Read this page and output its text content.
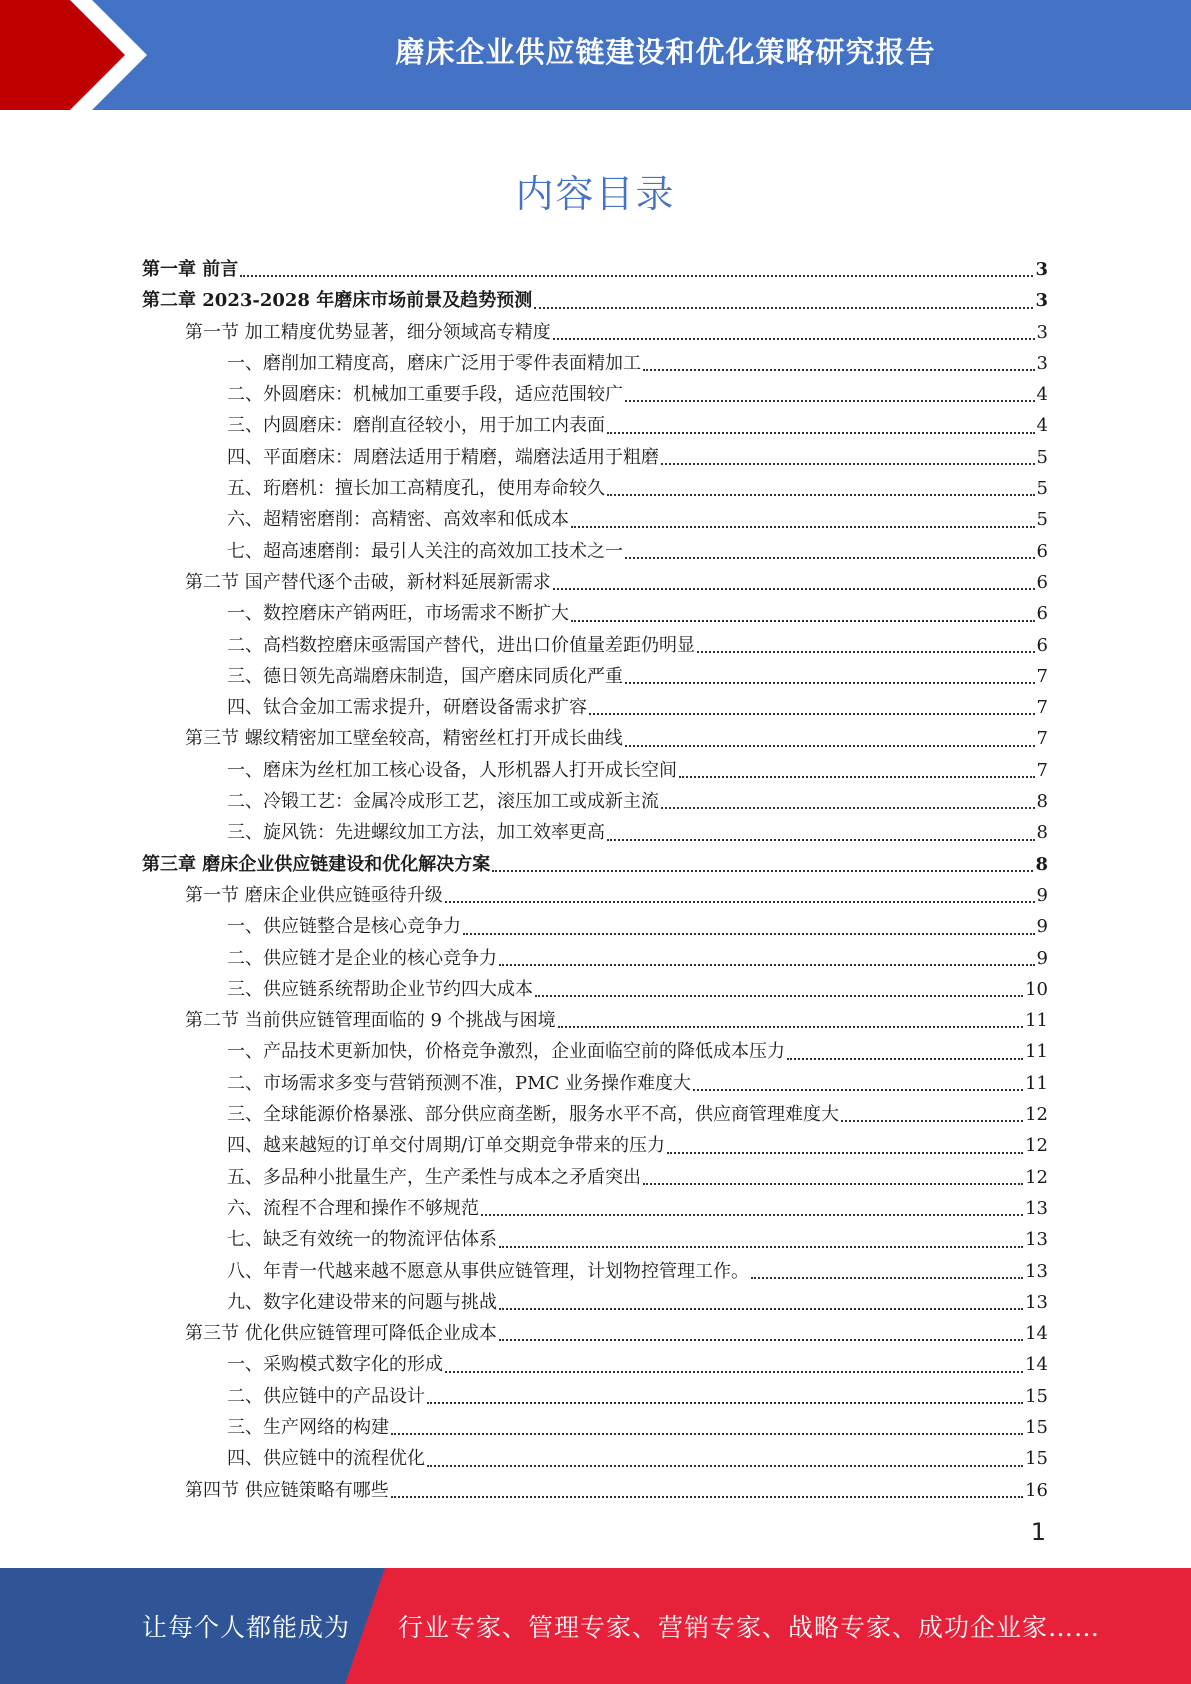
磨床企业供应链建设和优化策略研究报告
内容目录
第一章 前言	3
第二章 2023-2028 年磨床市场前景及趋势预测	3
第一节 加工精度优势显著，细分领域高专精度	3
一、磨削加工精度高，磨床广泛用于零件表面精加工	3
二、外圆磨床：机械加工重要手段，适应范围较广	4
三、内圆磨床：磨削直径较小，用于加工内表面	4
四、平面磨床：周磨法适用于精磨，端磨法适用于粗磨	5
五、珩磨机：擅长加工高精度孔，使用寿命较久	5
六、超精密磨削：高精密、高效率和低成本	5
七、超高速磨削：最引人关注的高效加工技术之一	6
第二节 国产替代逐个击破，新材料延展新需求	6
一、数控磨床产销两旺，市场需求不断扩大	6
二、高档数控磨床亟需国产替代，进出口价值量差距仍明显	6
三、德日领先高端磨床制造，国产磨床同质化严重	7
四、钛合金加工需求提升，研磨设备需求扩容	7
第三节 螺纹精密加工壁垒较高，精密丝杠打开成长曲线	7
一、磨床为丝杠加工核心设备，人形机器人打开成长空间	7
二、冷锻工艺：金属冷成形工艺，滚压加工或成新主流	8
三、旋风铣：先进螺纹加工方法，加工效率更高	8
第三章 磨床企业供应链建设和优化解决方案	8
第一节 磨床企业供应链亟待升级	9
一、供应链整合是核心竞争力	9
二、供应链才是企业的核心竞争力	9
三、供应链系统帮助企业节约四大成本	10
第二节 当前供应链管理面临的 9 个挑战与困境	11
一、产品技术更新加快，价格竞争激烈，企业面临空前的降低成本压力	11
二、市场需求多变与营销预测不准，PMC 业务操作难度大	11
三、全球能源价格暴涨、部分供应商垄断，服务水平不高，供应商管理难度大	12
四、越来越短的订单交付周期/订单交期竞争带来的压力	12
五、多品种小批量生产，生产柔性与成本之矛盾突出	12
六、流程不合理和操作不够规范	13
七、缺乏有效统一的物流评估体系	13
八、年青一代越来越不愿意从事供应链管理，计划物控管理工作。	13
九、数字化建设带来的问题与挑战	13
第三节 优化供应链管理可降低企业成本	14
一、采购模式数字化的形成	14
二、供应链中的产品设计	15
三、生产网络的构建	15
四、供应链中的流程优化	15
第四节 供应链策略有哪些	16
1
让每个人都能成为 行业专家、管理专家、营销专家、战略专家、成功企业家……
